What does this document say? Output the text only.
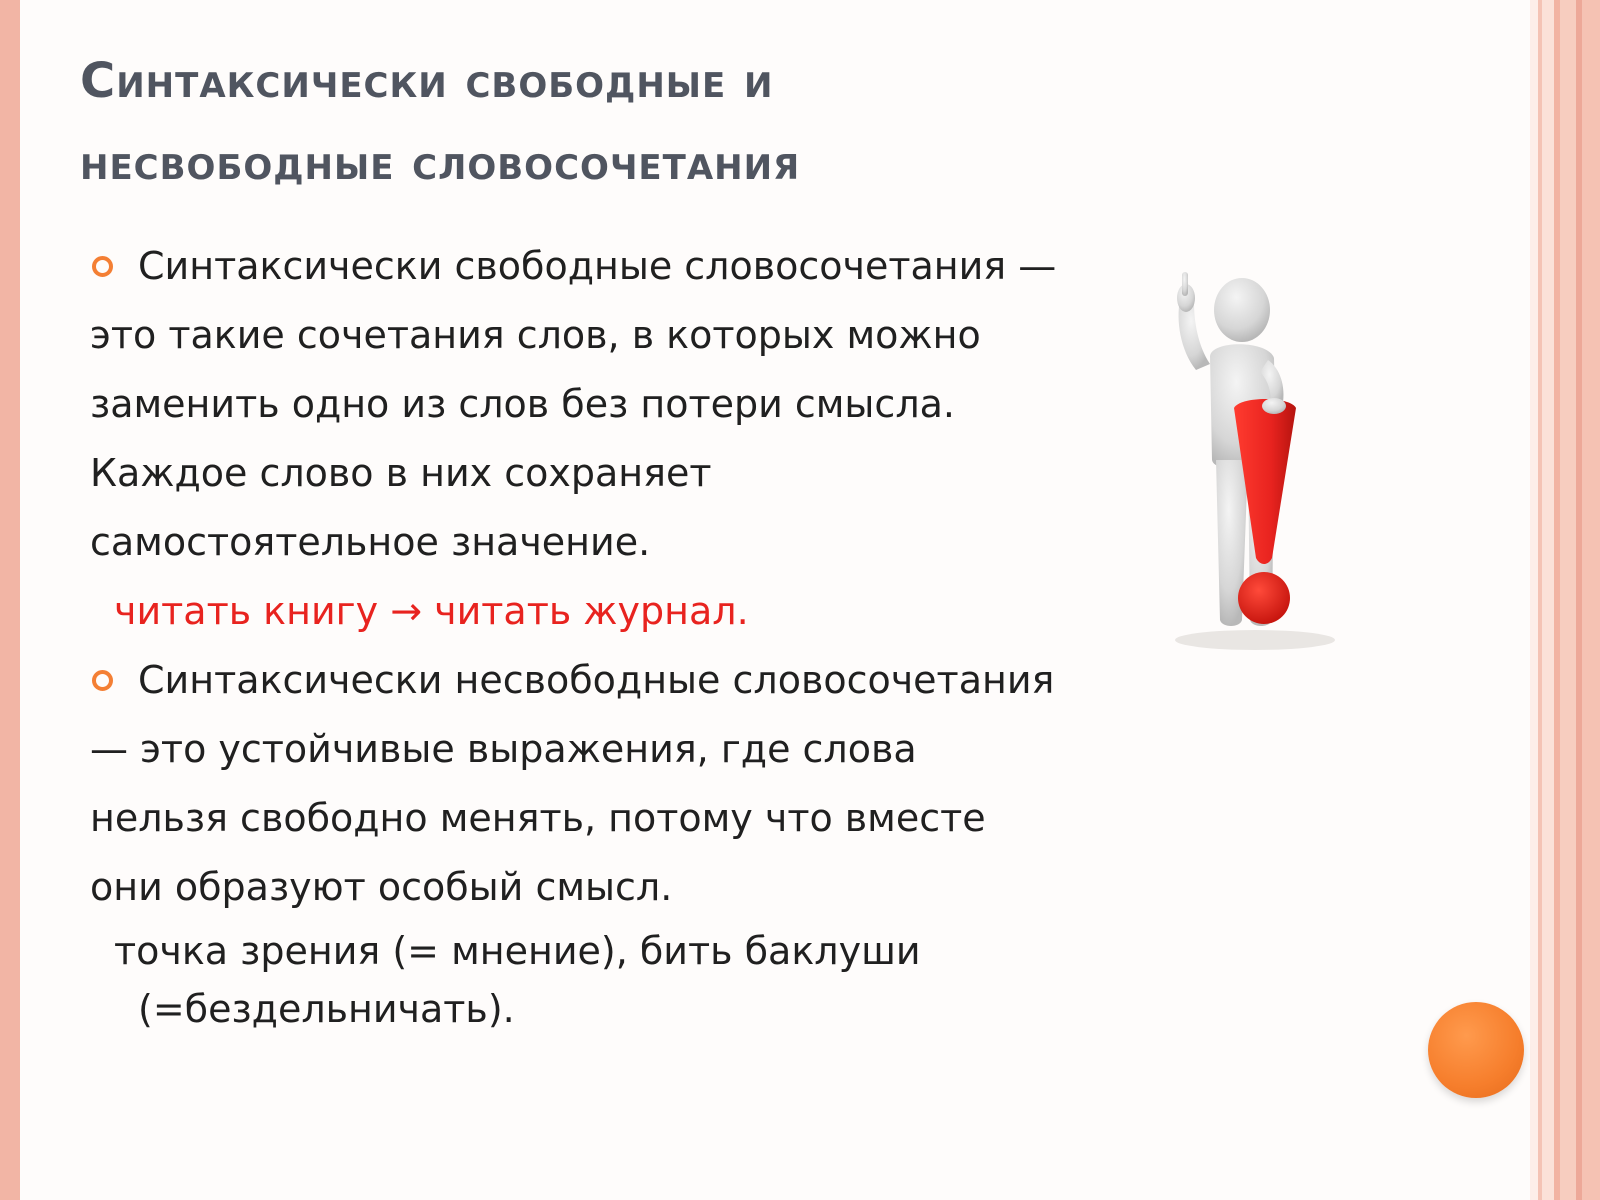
Синтаксически свободные и
несвободные словосочетания
Синтаксически свободные словосочетания —
это такие сочетания слов, в которых можно
заменить одно из слов без потери смысла.
Каждое слово в них сохраняет
самостоятельное значение.

читать книгу → читать журнал.

Синтаксически несвободные словосочетания
— это устойчивые выражения, где слова
нельзя свободно менять, потому что вместе
они образуют особый смысл.

точка зрения (= мнение), бить баклуши
(=бездельничать).
